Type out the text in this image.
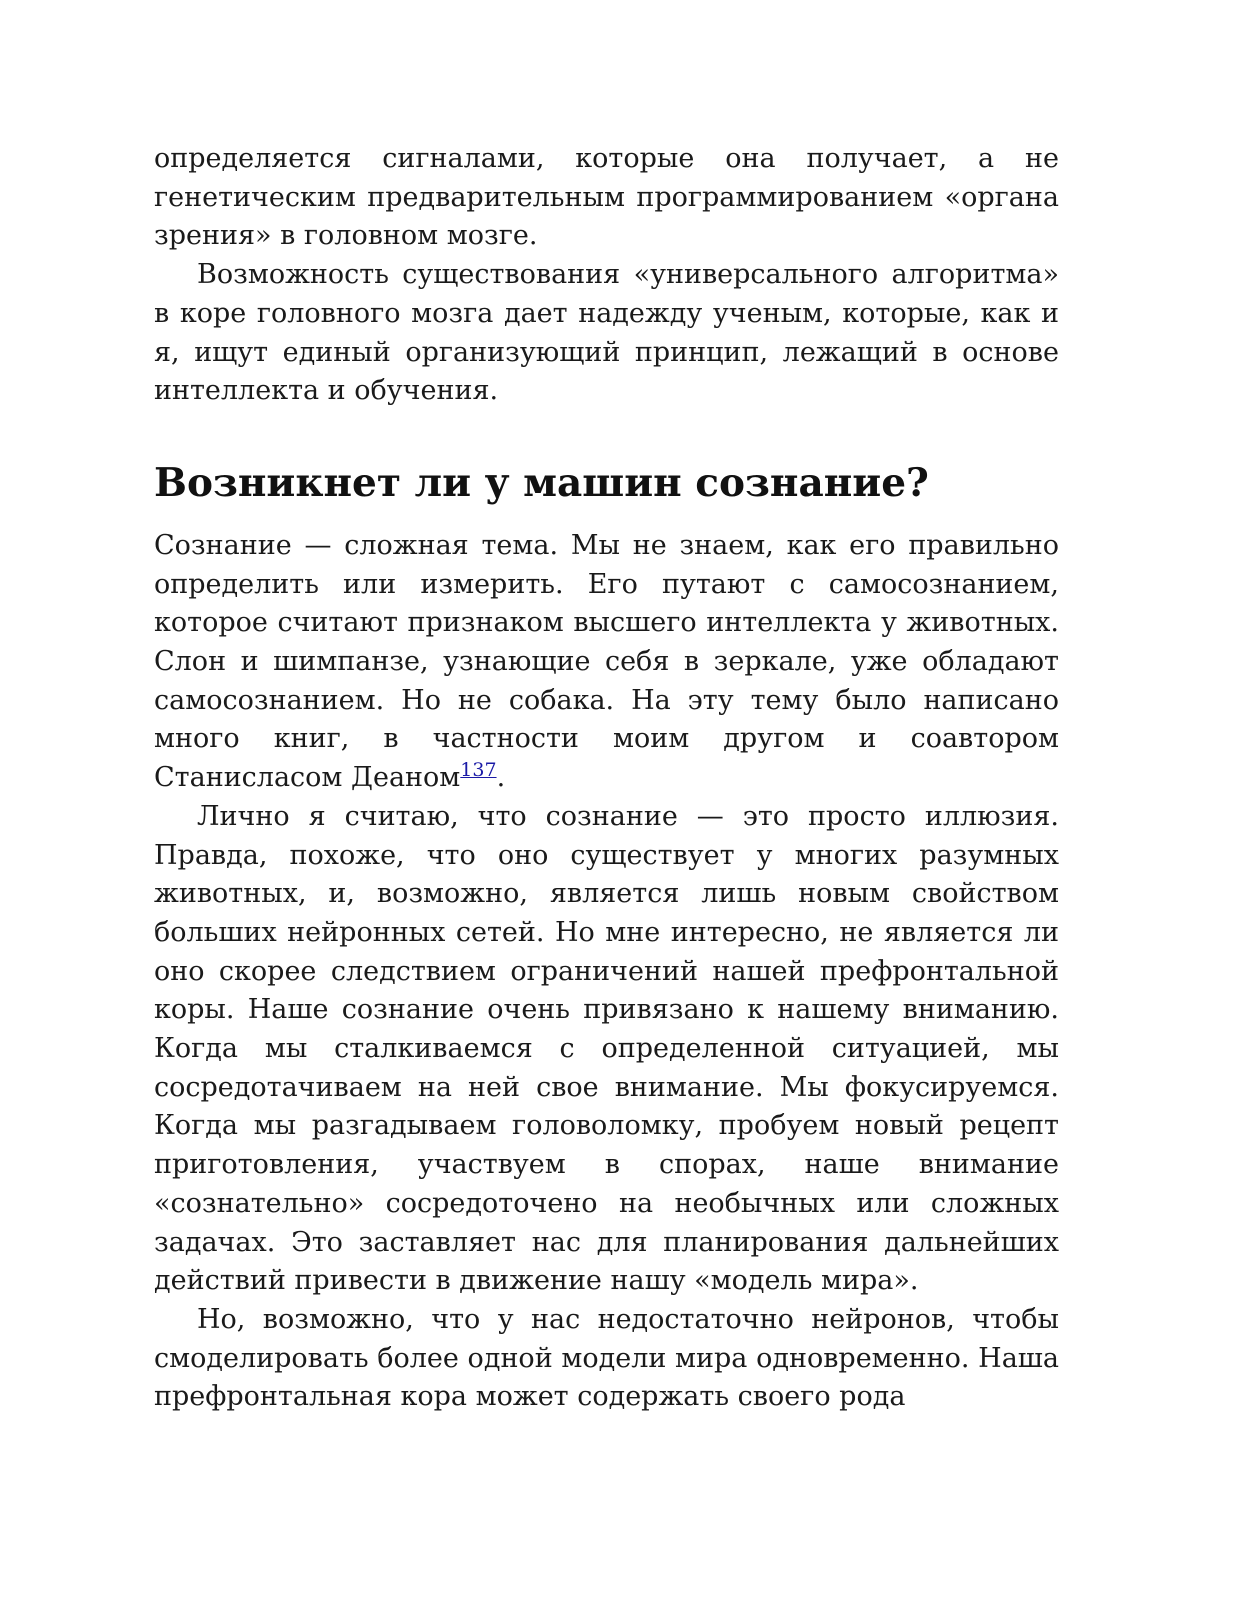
определяется сигналами, которые она получает, а не генетическим предварительным программированием «органа зрения» в головном мозге.

Возможность существования «универсального алгоритма» в коре головного мозга дает надежду ученым, которые, как и я, ищут единый организующий принцип, лежащий в основе интеллекта и обучения.

Возникнет ли у машин сознание?

Сознание — сложная тема. Мы не знаем, как его правильно определить или измерить. Его путают с самосознанием, которое считают признаком высшего интеллекта у животных. Слон и шимпанзе, узнающие себя в зеркале, уже обладают самосознанием. Но не собака. На эту тему было написано много книг, в частности моим другом и соавтором Станисласом Деаном$^{137}$.

Лично я считаю, что сознание — это просто иллюзия. Правда, похоже, что оно существует у многих разумных животных, и, возможно, является лишь новым свойством больших нейронных сетей. Но мне интересно, не является ли оно скорее следствием ограничений нашей префронтальной коры. Наше сознание очень привязано к нашему вниманию. Когда мы сталкиваемся с определенной ситуацией, мы сосредотачиваем на ней свое внимание. Мы фокусируемся. Когда мы разгадываем головоломку, пробуем новый рецепт приготовления, участвуем в спорах, наше внимание «сознательно» сосредоточено на необычных или сложных задачах. Это заставляет нас для планирования дальнейших действий привести в движение нашу «модель мира».

Но, возможно, что у нас недостаточно нейронов, чтобы смоделировать более одной модели мира одновременно. Наша префронтальная кора может содержать своего рода
